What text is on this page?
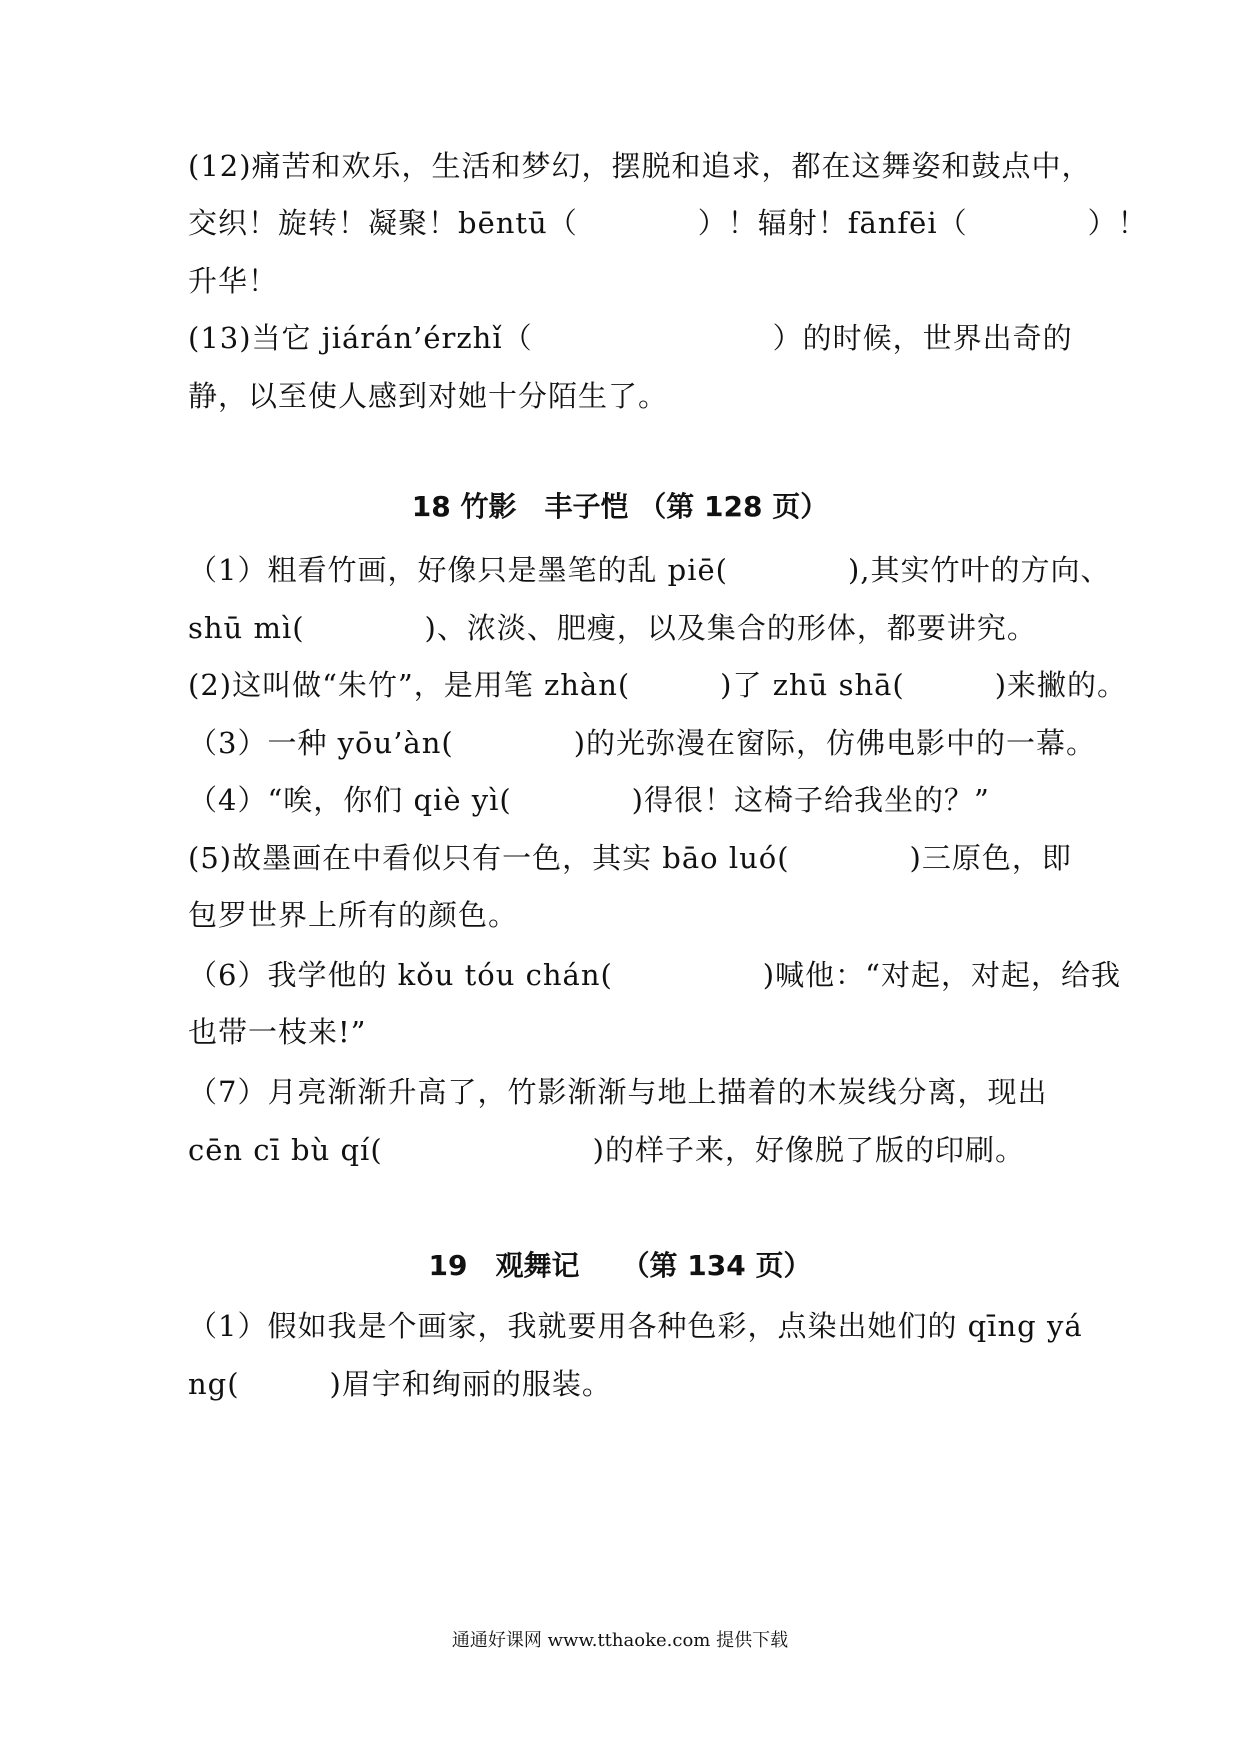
(12)痛苦和欢乐，生活和梦幻，摆脱和追求，都在这舞姿和鼓点中，
交织！旋转！凝聚！bēntū（　　　　）！辐射！fānfēi（　　　　）！
升华！
(13)当它 jiárán’érzhǐ（　　　　　　　　）的时候，世界出奇的
静，以至使人感到对她十分陌生了。
18 竹影　丰子恺 （第 128 页）
（1）粗看竹画，好像只是墨笔的乱 piē(　　　　),其实竹叶的方向、
shū mì(　　　　)、浓淡、肥瘦，以及集合的形体，都要讲究。
(2)这叫做“朱竹”，是用笔 zhàn(　　　)了 zhū shā(　　　)来撇的。
（3）一种 yōu’àn(　　　　)的光弥漫在窗际，仿佛电影中的一幕。
（4）“唉，你们 qiè yì(　　　　)得很！这椅子给我坐的？”
(5)故墨画在中看似只有一色，其实 bāo luó(　　　　)三原色，即
包罗世界上所有的颜色。
（6）我学他的 kǒu tóu chán(　　　　　)喊他：“对起，对起，给我
也带一枝来!”
（7）月亮渐渐升高了，竹影渐渐与地上描着的木炭线分离，现出
cēn cī bù qí(　　　　　　　)的样子来，好像脱了版的印刷。
19　观舞记　　（第 134 页）
（1）假如我是个画家，我就要用各种色彩，点染出她们的 qīng yá
ng(　　　)眉宇和绚丽的服装。
通通好课网 www.tthaoke.com 提供下载
